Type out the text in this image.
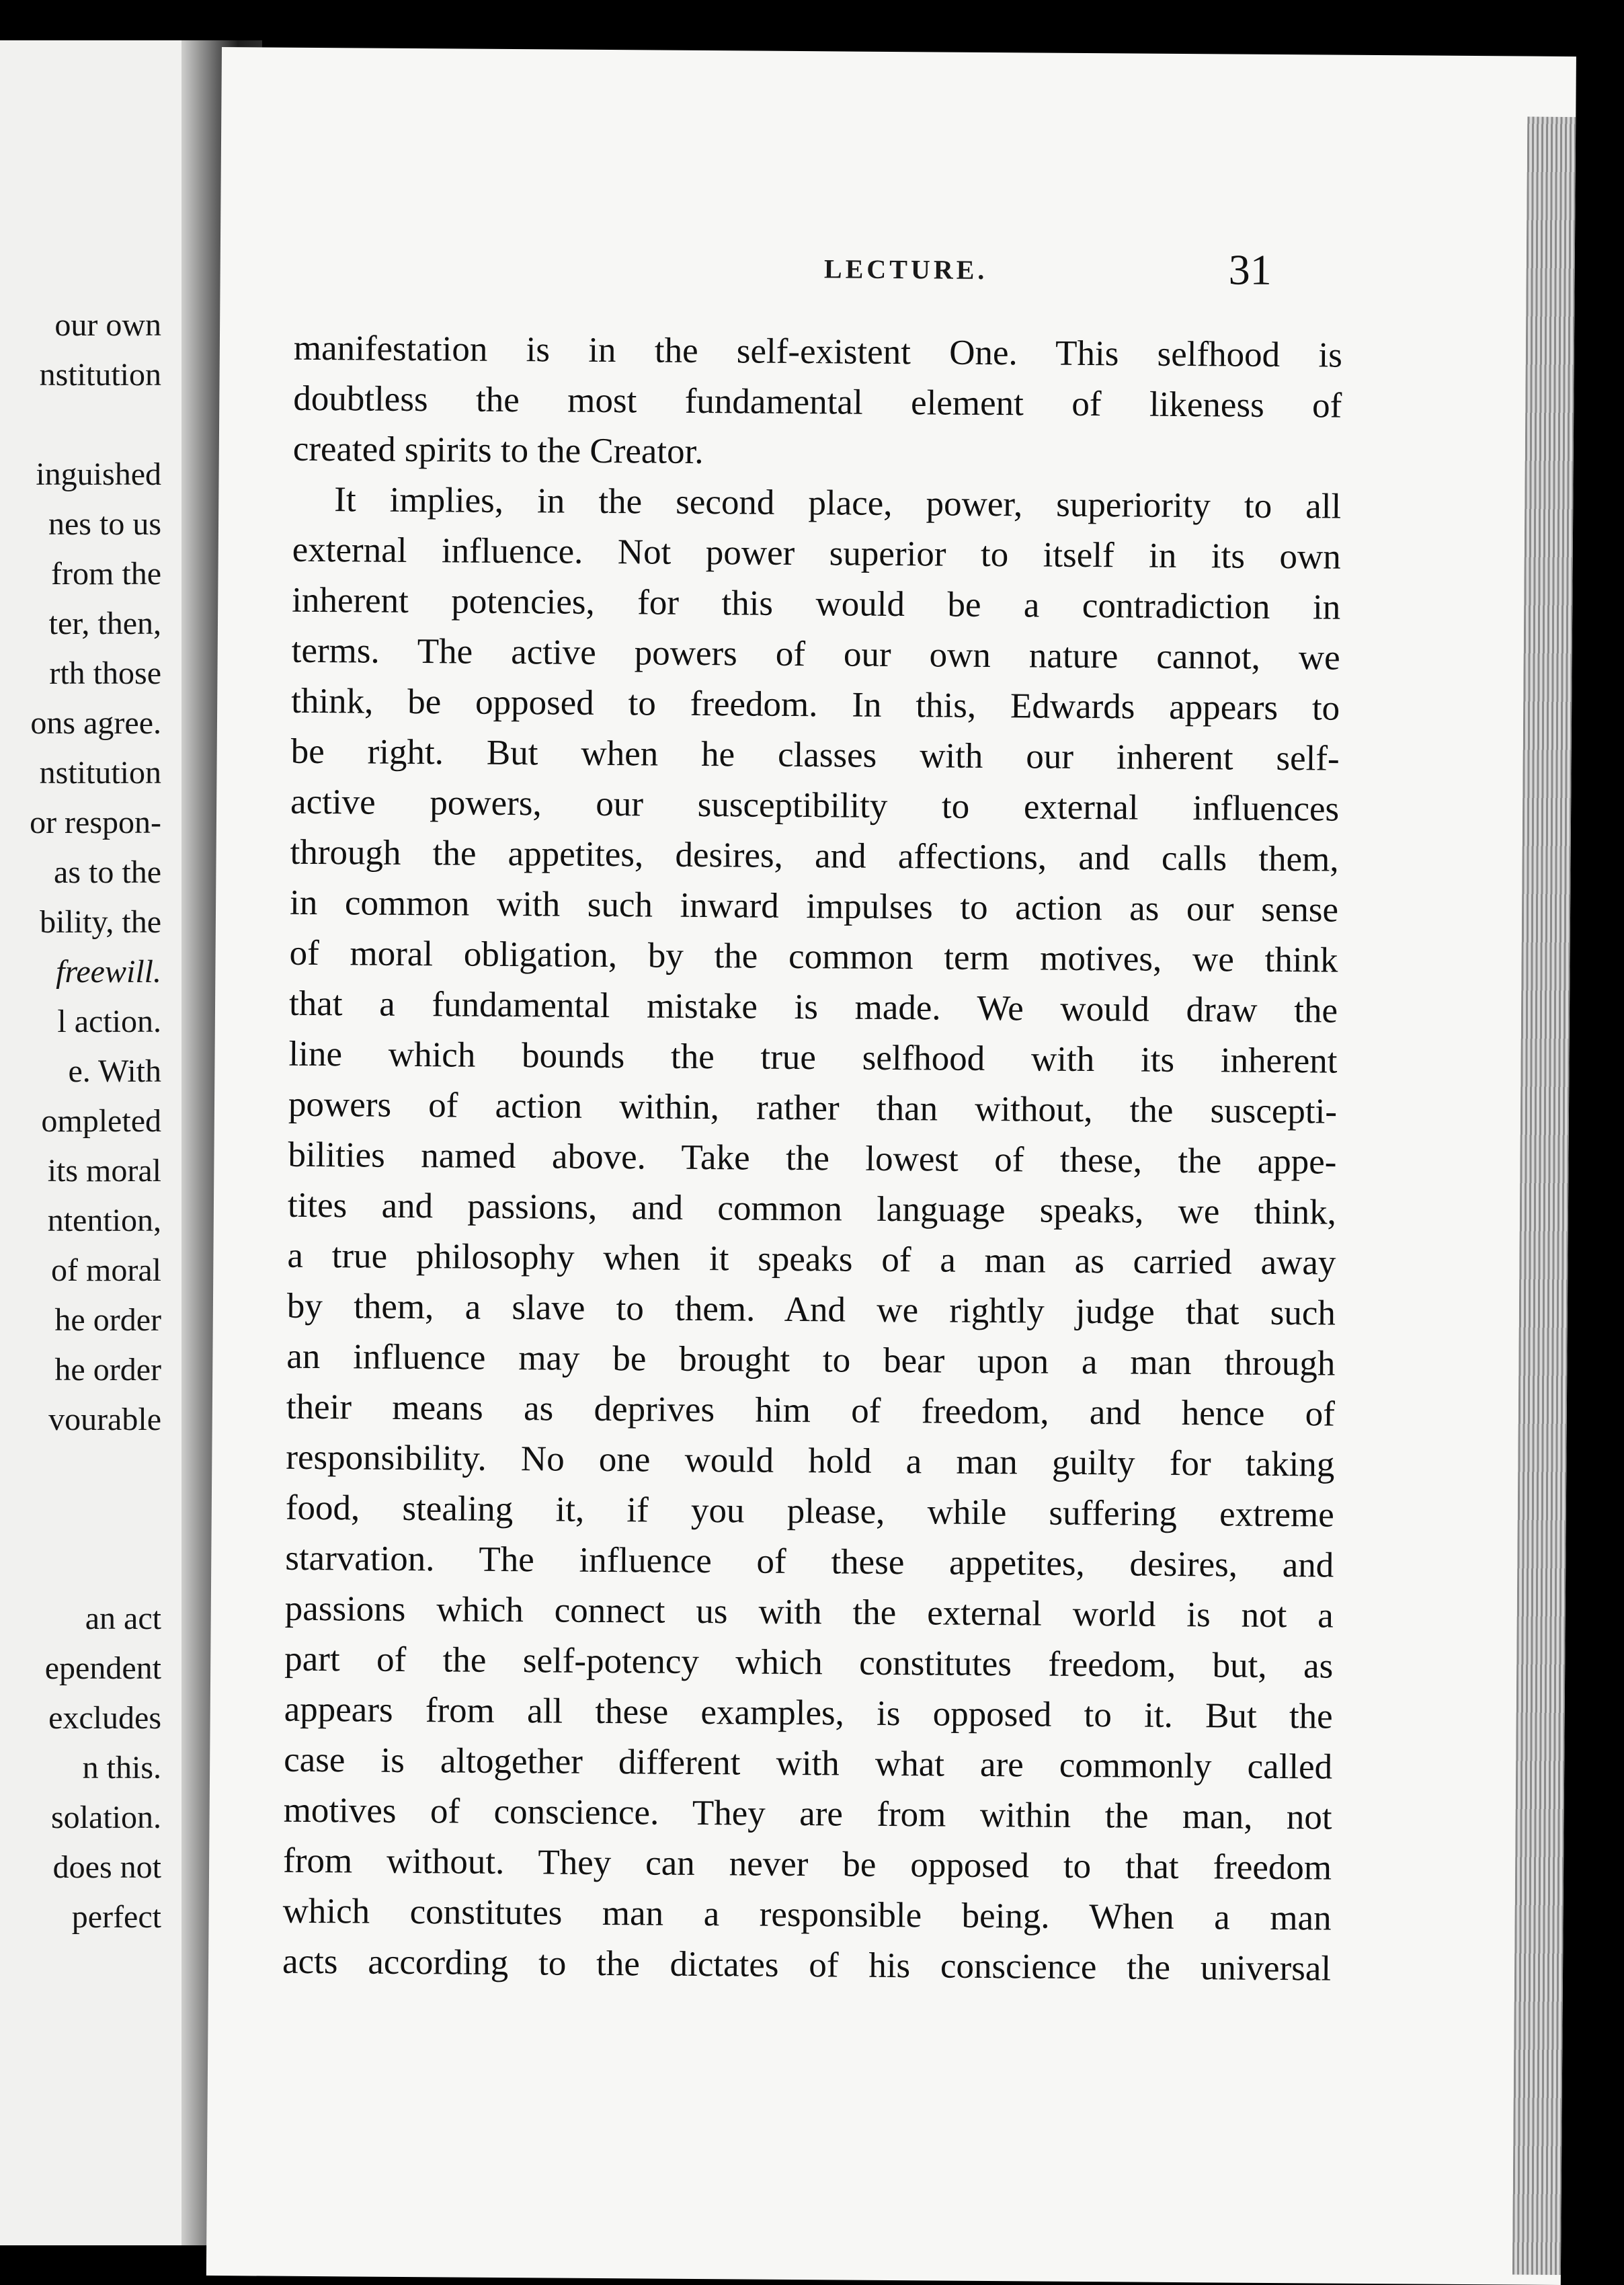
our own
nstitution
inguished
nes to us
from the
ter, then,
rth those
ons agree.
nstitution
or respon-
as to the
bility, the
freewill.
l action.
e. With
ompleted
its moral
ntention,
of moral
he order
he order
vourable
an act
ependent
excludes
n this.
solation.
does not
perfect
LECTURE.	31
manifestation is in the self-existent One. This selfhood is
doubtless the most fundamental element of likeness of
created spirits to the Creator.
It implies, in the second place, power, superiority to all
external influence. Not power superior to itself in its own
inherent potencies, for this would be a contradiction in
terms. The active powers of our own nature cannot, we
think, be opposed to freedom. In this, Edwards appears to
be right. But when he classes with our inherent self-
active powers, our susceptibility to external influences
through the appetites, desires, and affections, and calls them,
in common with such inward impulses to action as our sense
of moral obligation, by the common term motives, we think
that a fundamental mistake is made. We would draw the
line which bounds the true selfhood with its inherent
powers of action within, rather than without, the suscepti-
bilities named above. Take the lowest of these, the appe-
tites and passions, and common language speaks, we think,
a true philosophy when it speaks of a man as carried away
by them, a slave to them. And we rightly judge that such
an influence may be brought to bear upon a man through
their means as deprives him of freedom, and hence of
responsibility. No one would hold a man guilty for taking
food, stealing it, if you please, while suffering extreme
starvation. The influence of these appetites, desires, and
passions which connect us with the external world is not a
part of the self-potency which constitutes freedom, but, as
appears from all these examples, is opposed to it. But the
case is altogether different with what are commonly called
motives of conscience. They are from within the man, not
from without. They can never be opposed to that freedom
which constitutes man a responsible being. When a man
acts according to the dictates of his conscience the universal
